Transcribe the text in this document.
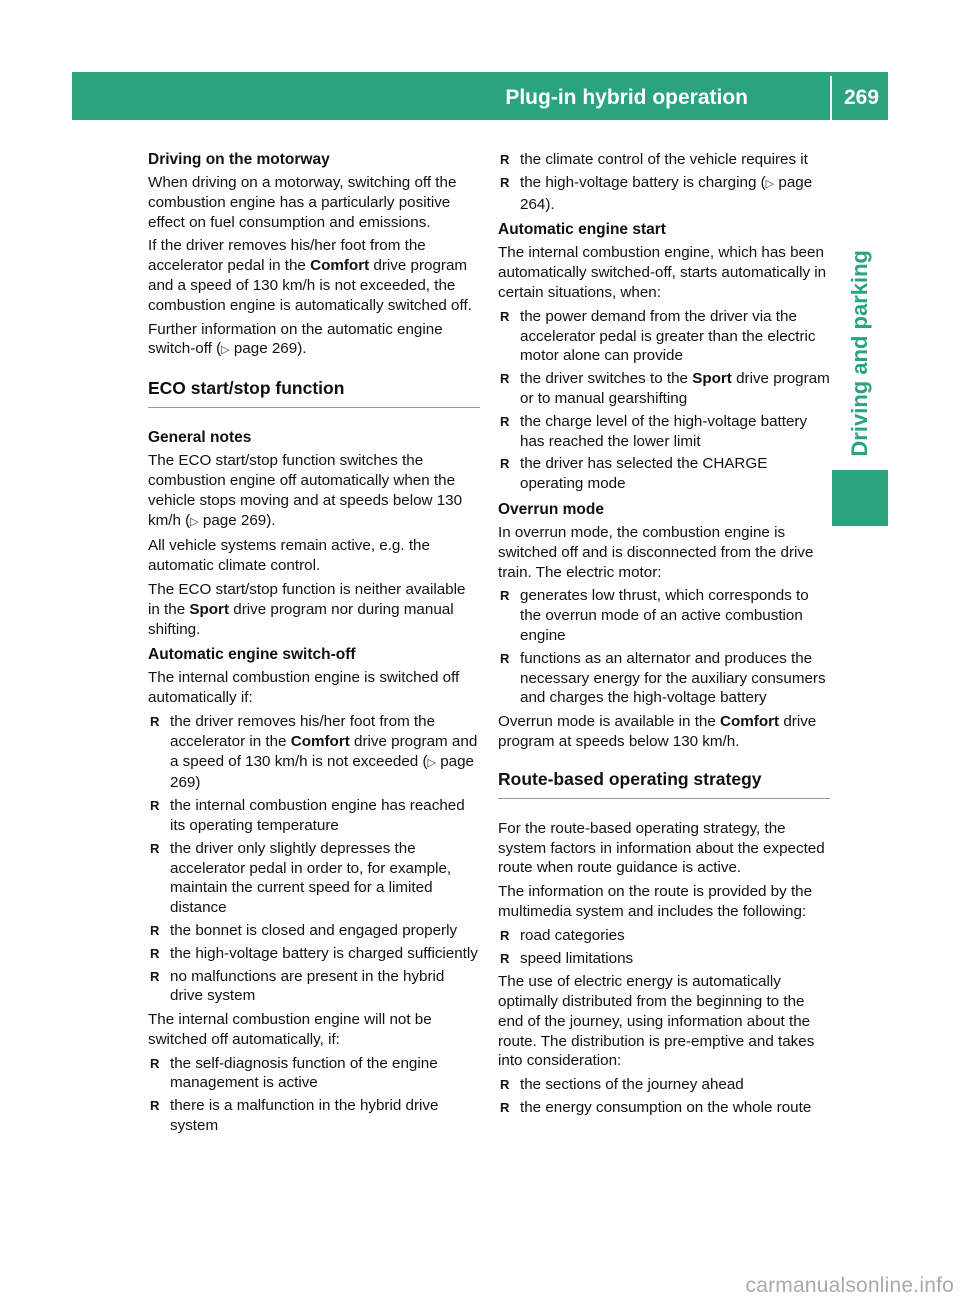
Plug-in hybrid operation	269
Driving and parking
Driving on the motorway

When driving on a motorway, switching off the combustion engine has a particularly positive effect on fuel consumption and emissions.

If the driver removes his/her foot from the accelerator pedal in the Comfort drive program and a speed of 130 km/h is not exceeded, the combustion engine is automatically switched off.

Further information on the automatic engine switch-off (▷ page 269).

ECO start/stop function
General notes

The ECO start/stop function switches the combustion engine off automatically when the vehicle stops moving and at speeds below 130 km/h (▷ page 269).

All vehicle systems remain active, e.g. the automatic climate control.

The ECO start/stop function is neither available in the Sport drive program nor during manual shifting.

Automatic engine switch-off

The internal combustion engine is switched off automatically if:

R the driver removes his/her foot from the accelerator in the Comfort drive program and a speed of 130 km/h is not exceeded (▷ page 269)
R the internal combustion engine has reached its operating temperature
R the driver only slightly depresses the accelerator pedal in order to, for example, maintain the current speed for a limited distance
R the bonnet is closed and engaged properly
R the high-voltage battery is charged sufficiently
R no malfunctions are present in the hybrid drive system

The internal combustion engine will not be switched off automatically, if:

R the self-diagnosis function of the engine management is active
R there is a malfunction in the hybrid drive system
R the climate control of the vehicle requires it
R the high-voltage battery is charging (▷ page 264).
Automatic engine start

The internal combustion engine, which has been automatically switched-off, starts automatically in certain situations, when:

R the power demand from the driver via the accelerator pedal is greater than the electric motor alone can provide
R the driver switches to the Sport drive program or to manual gearshifting
R the charge level of the high-voltage battery has reached the lower limit
R the driver has selected the CHARGE operating mode
Overrun mode

In overrun mode, the combustion engine is switched off and is disconnected from the drive train. The electric motor:

R generates low thrust, which corresponds to the overrun mode of an active combustion engine
R functions as an alternator and produces the necessary energy for the auxiliary consumers and charges the high-voltage battery

Overrun mode is available in the Comfort drive program at speeds below 130 km/h.

Route-based operating strategy

For the route-based operating strategy, the system factors in information about the expected route when route guidance is active.

The information on the route is provided by the multimedia system and includes the following:

R road categories
R speed limitations

The use of electric energy is automatically optimally distributed from the beginning to the end of the journey, using information about the route. The distribution is pre-emptive and takes into consideration:

R the sections of the journey ahead
R the energy consumption on the whole route
carmanualsonline.info
